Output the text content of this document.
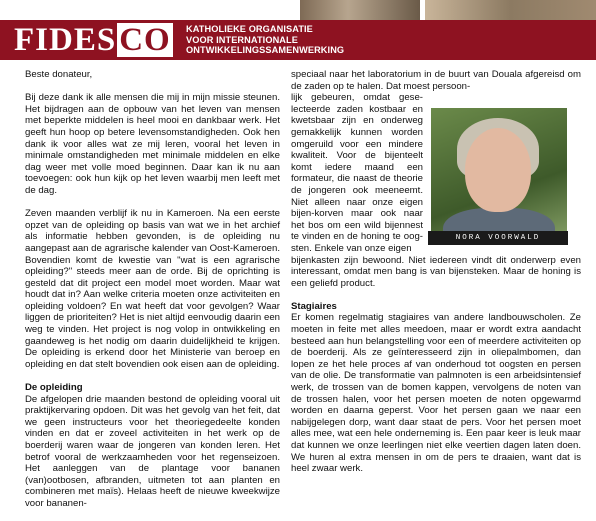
FIDESCO KATHOLIEKE ORGANISATIE
VOOR INTERNATIONALE
ONTWIKKELINGSSAMENWERKING

Beste donateur,

Bij deze dank ik alle mensen die mij in mijn missie steunen. Het bijdragen aan de opbouw van het leven van mensen met beperkte middelen is heel mooi en dankbaar werk. Het geeft hun hoop op betere levensomstandigheden. Ook hen dank ik voor alles wat ze mij leren, vooral het leven in minimale omstandigheden met minimale middelen en elke dag weer met volle moed beginnen. Daar kan ik nu aan toevoegen: ook hun kijk op het leven waarbij men leeft met de dag.

Zeven maanden verblijf ik nu in Kameroen. Na een eerste opzet van de opleiding op basis van wat we in het archief als informatie hebben gevonden, is de opleiding nu aangepast aan de agrarische kalender van Oost-Kameroen. Bovendien komt de kwestie van "wat is een agrarische opleiding?" steeds meer aan de orde. Bij de oprichting is gesteld dat dit project een model moet worden. Maar wat houdt dat in? Aan welke criteria moeten onze activiteiten en opleiding voldoen? En wat heeft dat voor gevolgen? Waar liggen de prioriteiten? Het is niet altijd eenvoudig daarin een weg te vinden. Het project is nog volop in ontwikkeling en gaandeweg is het nodig om daarin duidelijkheid te krijgen. De opleiding is erkend door het Ministerie van beroep en opleiding en dat stelt bovendien ook eisen aan de opleiding.

De opleiding

De afgelopen drie maanden bestond de opleiding vooral uit praktijkervaring opdoen. Dit was het gevolg van het feit, dat we geen instructeurs voor het theoriegedeelte konden vinden en dat er zoveel activiteiten in het werk op de boerderij waren waar de jongeren van konden leren. Het betrof vooral de werkzaamheden voor het regenseizoen. Het aanleggen van de plantage voor bananen (van)ootbosen, afbranden, uitmeten tot aan planten en combineren met maïs). Helaas heeft de nieuwe kweekwijze voor bananen-

speciaal naar het laboratorium in de buurt van Douala afgereisd om de zaden op te halen. Dat moest persoon-
lijk gebeuren, omdat gese-lecteerde zaden kostbaar en kwetsbaar zijn en onderweg gemakkelijk kunnen worden omgeruild voor een mindere kwaliteit. Voor de bijenteelt komt iedere maand een formateur, die naast de theorie de jongeren ook meeneemt. Niet alleen naar onze eigen bijen-korven maar ook naar het bos om een wild bijennest te vinden en de honing te oog-sten. Enkele van onze eigen

bijenkasten zijn bewoond. Niet iedereen vindt dit onderwerp even interessant, omdat men bang is van bijensteken. Maar de honing is een geliefd product.

Stagiaires

Er komen regelmatig stagiaires van andere landbouwscholen. Ze moeten in feite met alles meedoen, maar er wordt extra aandacht besteed aan hun belangstelling voor een of meerdere activiteiten op de boerderij. Als ze geïnteresseerd zijn in oliepalmbomen, dan lopen ze het hele proces af van onderhoud tot oogsten en persen van de olie. De transformatie van palmnoten is een arbeidsintensief werk, de trossen van de bomen kappen, vervolgens de noten van de trossen halen, voor het persen moeten de noten opgewarmd worden en daarna geperst. Voor het persen gaan we naar een nabijgelegen dorp, want daar staat de pers. Voor het persen moet alles mee, wat een hele onderneming is. Een paar keer is leuk maar dat kunnen we onze leerlingen niet elke veertien dagen laten doen. We huren al extra mensen in om de pers te draaien, want dat is heel zwaar werk.

NORA VOORWALD
